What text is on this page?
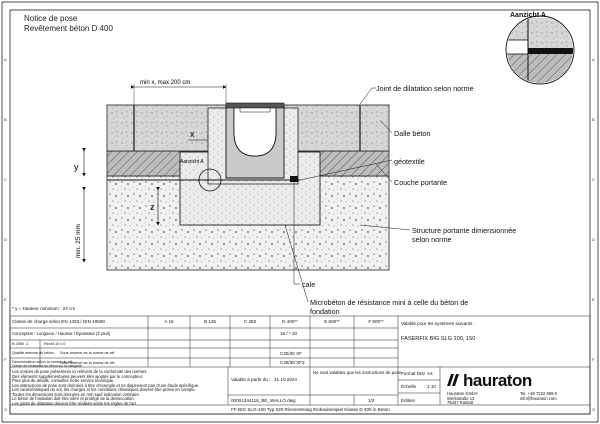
A
B
C
D
E
F
G
A
B
C
D
E
F
G
Aanzicht A
min x, max 200 cm
x
y
z
min. 25 mm
Notice de pose
Revêtement béton D 400
Aanzicht A
Joint de dilatation selon norme
Dalle béton
géotextile
Couche portante
Structure portante dimensionnée
selon norme
cale
Microbéton de résistance mini à celle du béton de
fondation
* y = Hauteur minimum : 24 cm
Classe de charge selon EN 1433 / DIN 19580	A 15	B 125	C 250	D 400**	E 600**	F 900**
Conception : Longueur / Hauteur / Épaisseur (Z plus)	15 / * 20
B 2050 -1	Recht 10 x 0
Qualité retenue du béton
Dénomination selon la norme de réf. :
Sous réserve de la norme de réf.	C25/30 XF
Classe de résistance du béton sur la catégorie
Sous réserve de la norme de réf.	C25/30 XF3
Valable pour les systèmes suivants :
FASERFIX BIG SLG 100, 150
Les notices de pose présentées ici relèvent de la conformité des normes.
Des éléments supplémentaires peuvent être ajoutés par le concepteur.
Pour plus de détails, consultez notre service technique.
Les instructions de pose sont données à titre d'exemple et ne dispensent pas d'une étude spécifique.
Les caractéristiques du sol, les charges et les conditions climatiques doivent être prises en compte.
Toutes les dimensions sont données en mm sauf indication contraire.
Le béton de fondation doit être vibré et protégé de la dessiccation.
Les joints de dilatation doivent être réalisés selon les règles de l'art.
Valable à partir du : 31.10.2024
Ne sont valables que les instructions de pose.
00001344116_BE_WALLO.dwg	1/2	Édition
Format DIN A4
Échelle 1:10 hauraton
Hauraton GmbH
Werkstraße 13
76437 Rastatt
Tel. +49 7222 958-0
info@hauraton.com
FF-BIG SLG-100 Typ 020 Rinnenstrang Einbaubeispiel Klasse D 400 in Beton
